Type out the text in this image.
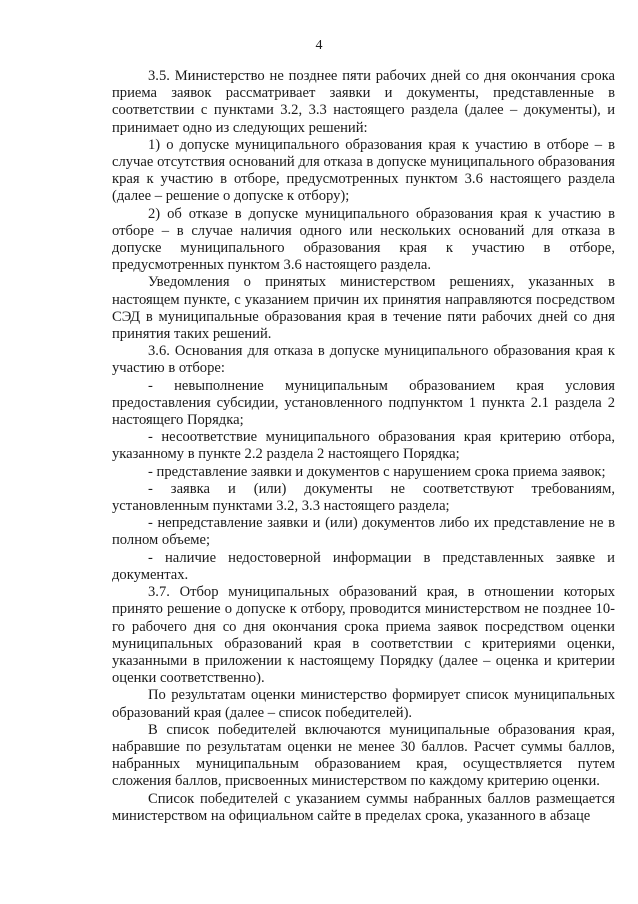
4

3.5. Министерство не позднее пяти рабочих дней со дня окончания срока приема заявок рассматривает заявки и документы, представленные в соответствии с пунктами 3.2, 3.3 настоящего раздела (далее – документы), и принимает одно из следующих решений:

1) о допуске муниципального образования края к участию в отборе – в случае отсутствия оснований для отказа в допуске муниципального образования края к участию в отборе, предусмотренных пунктом 3.6 настоящего раздела (далее – решение о допуске к отбору);

2) об отказе в допуске муниципального образования края к участию в отборе – в случае наличия одного или нескольких оснований для отказа в допуске муниципального образования края к участию в отборе, предусмотренных пунктом 3.6 настоящего раздела.

Уведомления о принятых министерством решениях, указанных в настоящем пункте, с указанием причин их принятия направляются посредством СЭД в муниципальные образования края в течение пяти рабочих дней со дня принятия таких решений.

3.6. Основания для отказа в допуске муниципального образования края к участию в отборе:

- невыполнение муниципальным образованием края условия предоставления субсидии, установленного подпунктом 1 пункта 2.1 раздела 2 настоящего Порядка;

- несоответствие муниципального образования края критерию отбора, указанному в пункте 2.2 раздела 2 настоящего Порядка;

- представление заявки и документов с нарушением срока приема заявок;

- заявка и (или) документы не соответствуют требованиям, установленным пунктами 3.2, 3.3 настоящего раздела;

- непредставление заявки и (или) документов либо их представление не в полном объеме;

- наличие недостоверной информации в представленных заявке и документах.

3.7. Отбор муниципальных образований края, в отношении которых принято решение о допуске к отбору, проводится министерством не позднее 10-го рабочего дня со дня окончания срока приема заявок посредством оценки муниципальных образований края в соответствии с критериями оценки, указанными в приложении к настоящему Порядку (далее – оценка и критерии оценки соответственно).

По результатам оценки министерство формирует список муниципальных образований края (далее – список победителей).

В список победителей включаются муниципальные образования края, набравшие по результатам оценки не менее 30 баллов. Расчет суммы баллов, набранных муниципальным образованием края, осуществляется путем сложения баллов, присвоенных министерством по каждому критерию оценки.

Список победителей с указанием суммы набранных баллов размещается министерством на официальном сайте в пределах срока, указанного в абзаце
